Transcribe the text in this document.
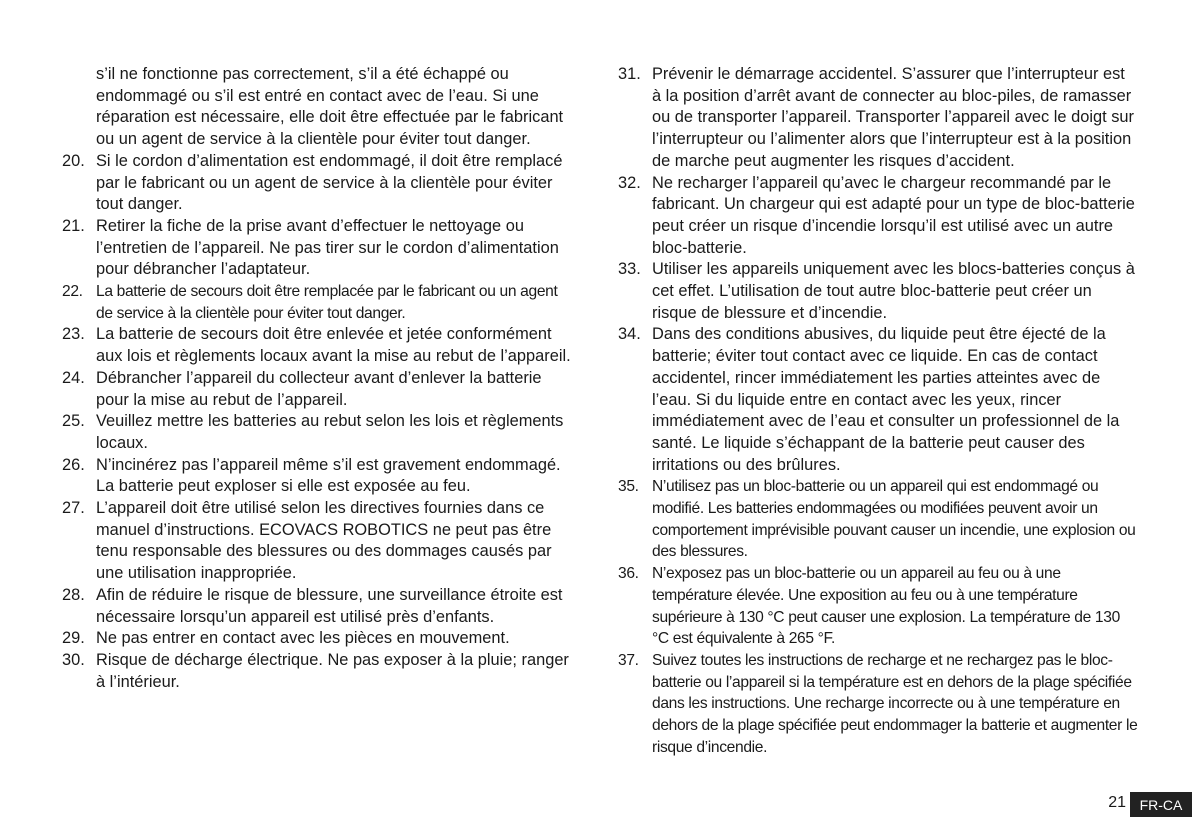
s’il ne fonctionne pas correctement, s’il a été échappé ou endommagé ou s’il est entré en contact avec de l’eau. Si une réparation est nécessaire, elle doit être effectuée par le fabricant ou un agent de service à la clientèle pour éviter tout danger.

20. Si le cordon d’alimentation est endommagé, il doit être remplacé par le fabricant ou un agent de service à la clientèle pour éviter tout danger.
21. Retirer la fiche de la prise avant d’effectuer le nettoyage ou l’entretien de l’appareil. Ne pas tirer sur le cordon d’alimentation pour débrancher l’adaptateur.
22. La batterie de secours doit être remplacée par le fabricant ou un agent de service à la clientèle pour éviter tout danger.
23. La batterie de secours doit être enlevée et jetée conformément aux lois et règlements locaux avant la mise au rebut de l’appareil.
24. Débrancher l’appareil du collecteur avant d’enlever la batterie pour la mise au rebut de l’appareil.
25. Veuillez mettre les batteries au rebut selon les lois et règlements locaux.
26. N’incinérez pas l’appareil même s’il est gravement endommagé. La batterie peut exploser si elle est exposée au feu.
27. L’appareil doit être utilisé selon les directives fournies dans ce manuel d’instructions. ECOVACS ROBOTICS ne peut pas être tenu responsable des blessures ou des dommages causés par une utilisation inappropriée.
28. Afin de réduire le risque de blessure, une surveillance étroite est nécessaire lorsqu’un appareil est utilisé près d’enfants.
29. Ne pas entrer en contact avec les pièces en mouvement.
30. Risque de décharge électrique. Ne pas exposer à la pluie; ranger à l’intérieur.
31. Prévenir le démarrage accidentel. S’assurer que l’interrupteur est à la position d’arrêt avant de connecter au bloc-piles, de ramasser ou de transporter l’appareil. Transporter l’appareil avec le doigt sur l’interrupteur ou l’alimenter alors que l’interrupteur est à la position de marche peut augmenter les risques d’accident.
32. Ne recharger l’appareil qu’avec le chargeur recommandé par le fabricant. Un chargeur qui est adapté pour un type de bloc-batterie peut créer un risque d’incendie lorsqu’il est utilisé avec un autre bloc-batterie.
33. Utiliser les appareils uniquement avec les blocs-batteries conçus à cet effet. L’utilisation de tout autre bloc-batterie peut créer un risque de blessure et d’incendie.
34. Dans des conditions abusives, du liquide peut être éjecté de la batterie; éviter tout contact avec ce liquide. En cas de contact accidentel, rincer immédiatement les parties atteintes avec de l’eau. Si du liquide entre en contact avec les yeux, rincer immédiatement avec de l’eau et consulter un professionnel de la santé. Le liquide s’échappant de la batterie peut causer des irritations ou des brûlures.
35. N’utilisez pas un bloc-batterie ou un appareil qui est endommagé ou modifié. Les batteries endommagées ou modifiées peuvent avoir un comportement imprévisible pouvant causer un incendie, une explosion ou des blessures.
36. N’exposez pas un bloc-batterie ou un appareil au feu ou à une température élevée. Une exposition au feu ou à une température supérieure à 130 °C peut causer une explosion. La température de 130 °C est équivalente à 265 °F.
37. Suivez toutes les instructions de recharge et ne rechargez pas le bloc-batterie ou l’appareil si la température est en dehors de la plage spécifiée dans les instructions. Une recharge incorrecte ou à une température en dehors de la plage spécifiée peut endommager la batterie et augmenter le risque d’incendie.
21 FR-CA
